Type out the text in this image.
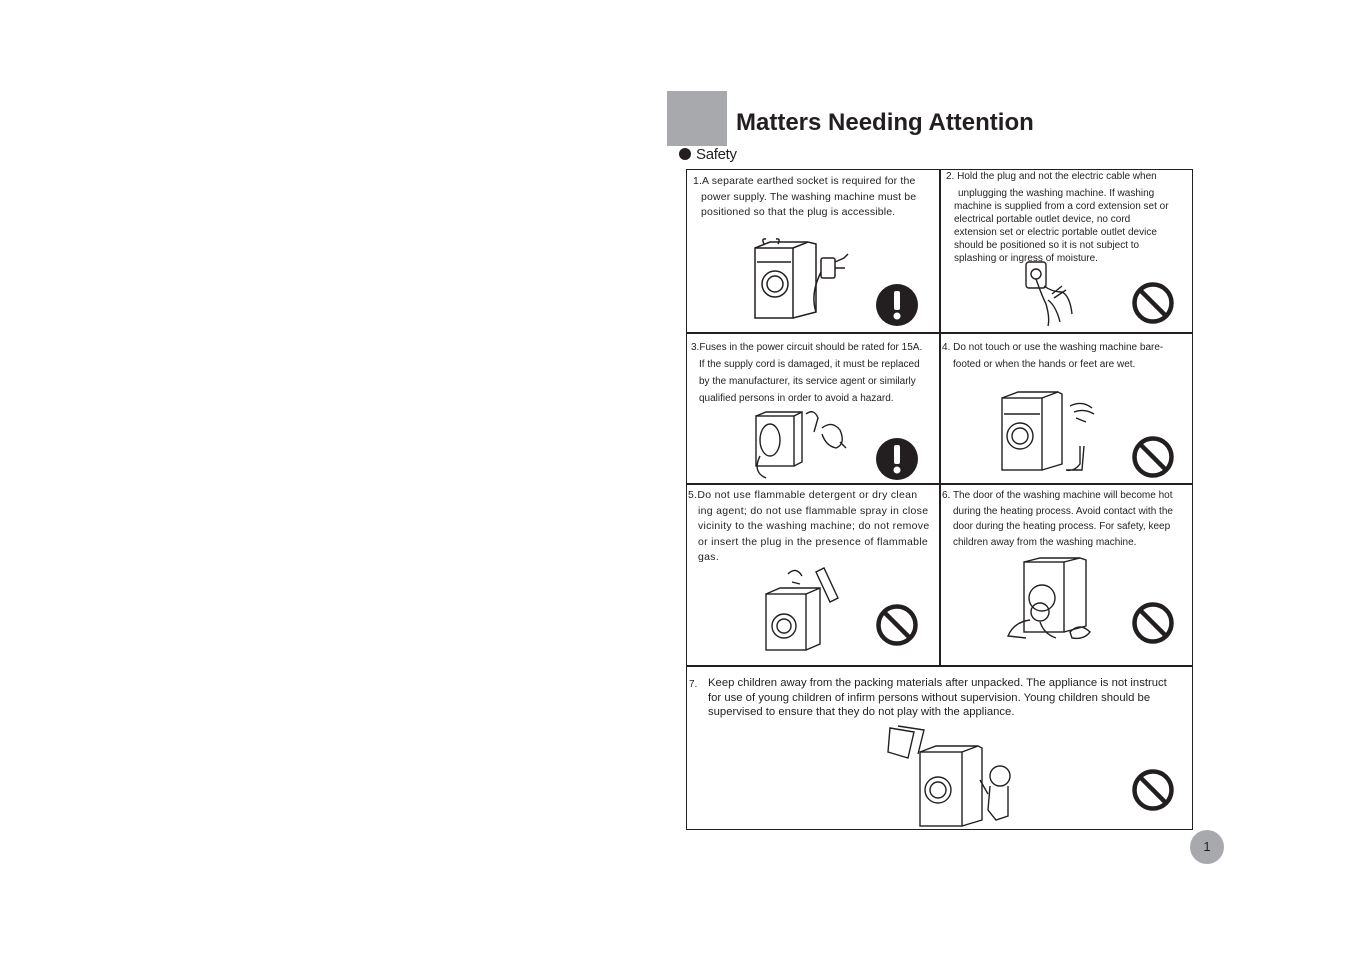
Matters Needing Attention
Safety

1.A separate earthed socket is required for the

power supply. The washing machine must be

positioned so that the plug is accessible.

2. Hold the plug and not the electric cable when

unplugging the washing machine. If washing

machine is supplied from a cord extension set or

electrical portable outlet device, no cord

extension set or electric portable outlet device

should be positioned so it is not subject to

splashing or ingress of moisture.

3.Fuses in the power circuit should be rated for 15A.

If the supply cord is damaged, it must be replaced

by the manufacturer, its service agent or similarly

qualified persons in order to avoid a hazard.

4. Do not touch or use the washing machine bare-

footed or when the hands or feet are wet.

5.Do not use flammable detergent or dry clean

ing agent; do not use flammable spray in close

vicinity to the washing machine; do not remove

or insert the plug in the presence of flammable

gas.

6. The door of the washing machine will become hot

during the heating process. Avoid contact with the

door during the heating process. For safety, keep

children away from the washing machine.

7. Keep children away from the packing materials after unpacked. The appliance is not instruct for use of young children of infirm persons without supervision. Young children should be supervised to ensure that they do not play with the appliance.

1
